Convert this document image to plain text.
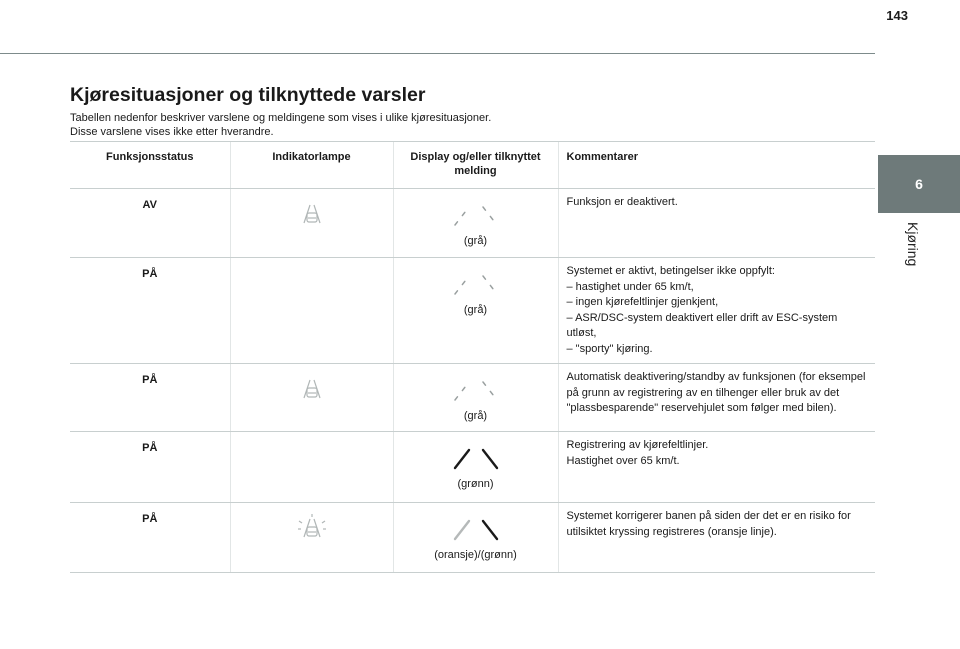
143
6
Kjøring
Kjøresituasjoner og tilknyttede varsler
Tabellen nedenfor beskriver varslene og meldingene som vises i ulike kjøresituasjoner.
Disse varslene vises ikke etter hverandre.
Funksjonsstatus	Indikatorlampe	Display og/eller tilknyttet melding	Kommentarer
AV		(grå)	Funksjon er deaktivert.

PÅ		(grå)	Systemet er aktivt, betingelser ikke oppfylt:
– hastighet under 65 km/t,
– ingen kjørefeltlinjer gjenkjent,
– ASR/DSC-system deaktivert eller drift av ESC-system utløst,
– "sporty" kjøring.

PÅ		(grå)	Automatisk deaktivering/standby av funksjonen (for eksempel på grunn av registrering av en tilhenger eller bruk av det "plassbesparende" reservehjulet som følger med bilen).

PÅ		(grønn)	Registrering av kjørefeltlinjer.
Hastighet over 65 km/t.

PÅ		(oransje)/(grønn)	Systemet korrigerer banen på siden der det er en risiko for utilsiktet kryssing registreres (oransje linje).
